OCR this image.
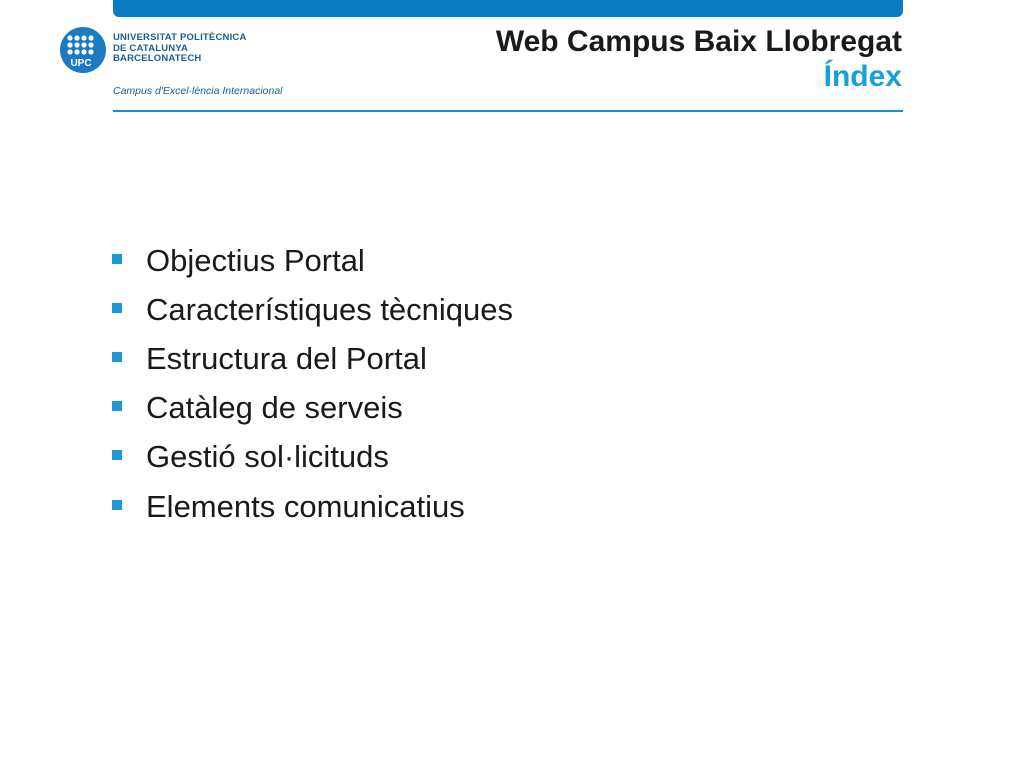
UPC
UNIVERSITAT POLITÈCNICA
DE CATALUNYA
BARCELONATECH
Campus d'Excel·lència Internacional
Web Campus Baix Llobregat
Índex
Objectius Portal
Característiques tècniques
Estructura del Portal
Catàleg de serveis
Gestió sol·licituds
Elements comunicatius
